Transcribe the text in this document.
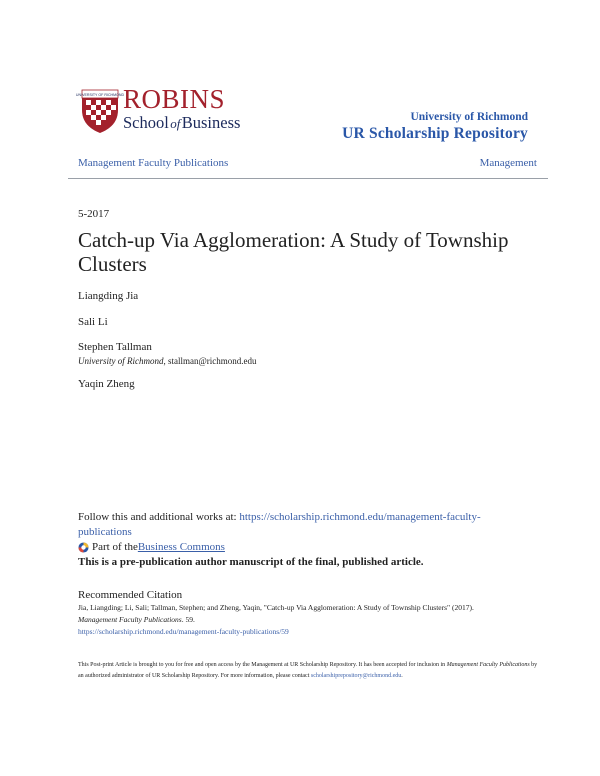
UNIVERSITY OF RICHMOND
ROBINS
School of Business	University of Richmond
UR Scholarship Repository
Management Faculty Publications	Management
5-2017
Catch-up Via Agglomeration: A Study of Township Clusters
Liangding Jia
Sali Li
Stephen Tallman
University of Richmond, stallman@richmond.edu
Yaqin Zheng
Follow this and additional works at: https://scholarship.richmond.edu/management-faculty-publications
Part of the Business Commons
This is a pre-publication author manuscript of the final, published article.
Recommended Citation
Jia, Liangding; Li, Sali; Tallman, Stephen; and Zheng, Yaqin, "Catch-up Via Agglomeration: A Study of Township Clusters" (2017).
Management Faculty Publications. 59.
https://scholarship.richmond.edu/management-faculty-publications/59
This Post-print Article is brought to you for free and open access by the Management at UR Scholarship Repository. It has been accepted for inclusion in Management Faculty Publications by an authorized administrator of UR Scholarship Repository. For more information, please contact scholarshiprepository@richmond.edu.
